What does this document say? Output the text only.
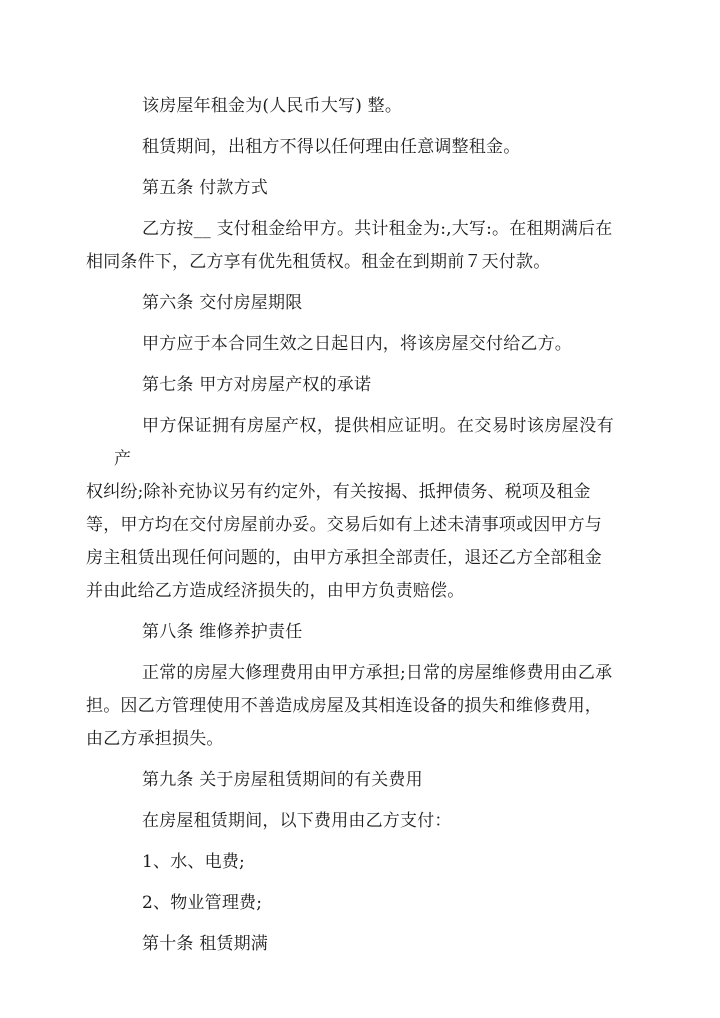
该房屋年租金为(人民币大写) 整。
租赁期间，出租方不得以任何理由任意调整租金。
第五条 付款方式
乙方按__ 支付租金给甲方。共计租金为:,大写:。在租期满后在
相同条件下，乙方享有优先租赁权。租金在到期前７天付款。
第六条 交付房屋期限
甲方应于本合同生效之日起日内，将该房屋交付给乙方。
第七条 甲方对房屋产权的承诺
甲方保证拥有房屋产权，提供相应证明。在交易时该房屋没有产
权纠纷;除补充协议另有约定外，有关按揭、抵押债务、税项及租金
等，甲方均在交付房屋前办妥。交易后如有上述未清事项或因甲方与
房主租赁出现任何问题的，由甲方承担全部责任，退还乙方全部租金
并由此给乙方造成经济损失的，由甲方负责赔偿。
第八条 维修养护责任
正常的房屋大修理费用由甲方承担;日常的房屋维修费用由乙承
担。因乙方管理使用不善造成房屋及其相连设备的损失和维修费用，
由乙方承担损失。
第九条 关于房屋租赁期间的有关费用
在房屋租赁期间，以下费用由乙方支付：
1、水、电费;
2、物业管理费;
第十条 租赁期满
